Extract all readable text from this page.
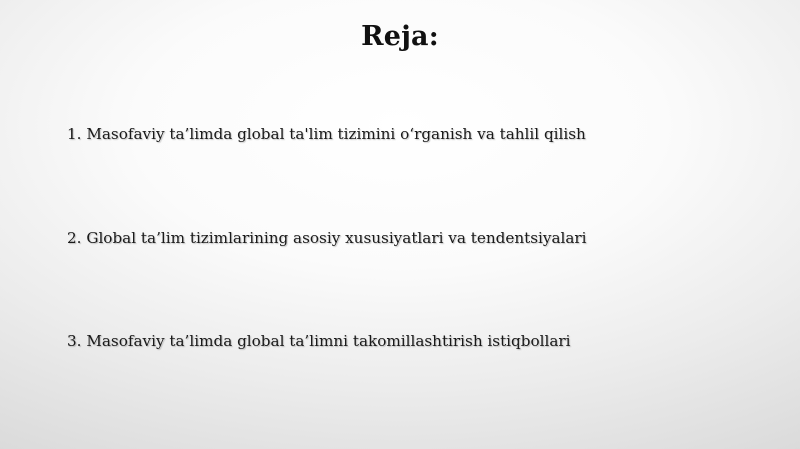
Reja:
1. Masofaviy ta’limda global ta'lim tizimini o‘rganish va tahlil qilish
2. Global ta’lim tizimlarining asosiy xususiyatlari va tendentsiyalari
3. Masofaviy ta’limda global ta’limni takomillashtirish istiqbollari
